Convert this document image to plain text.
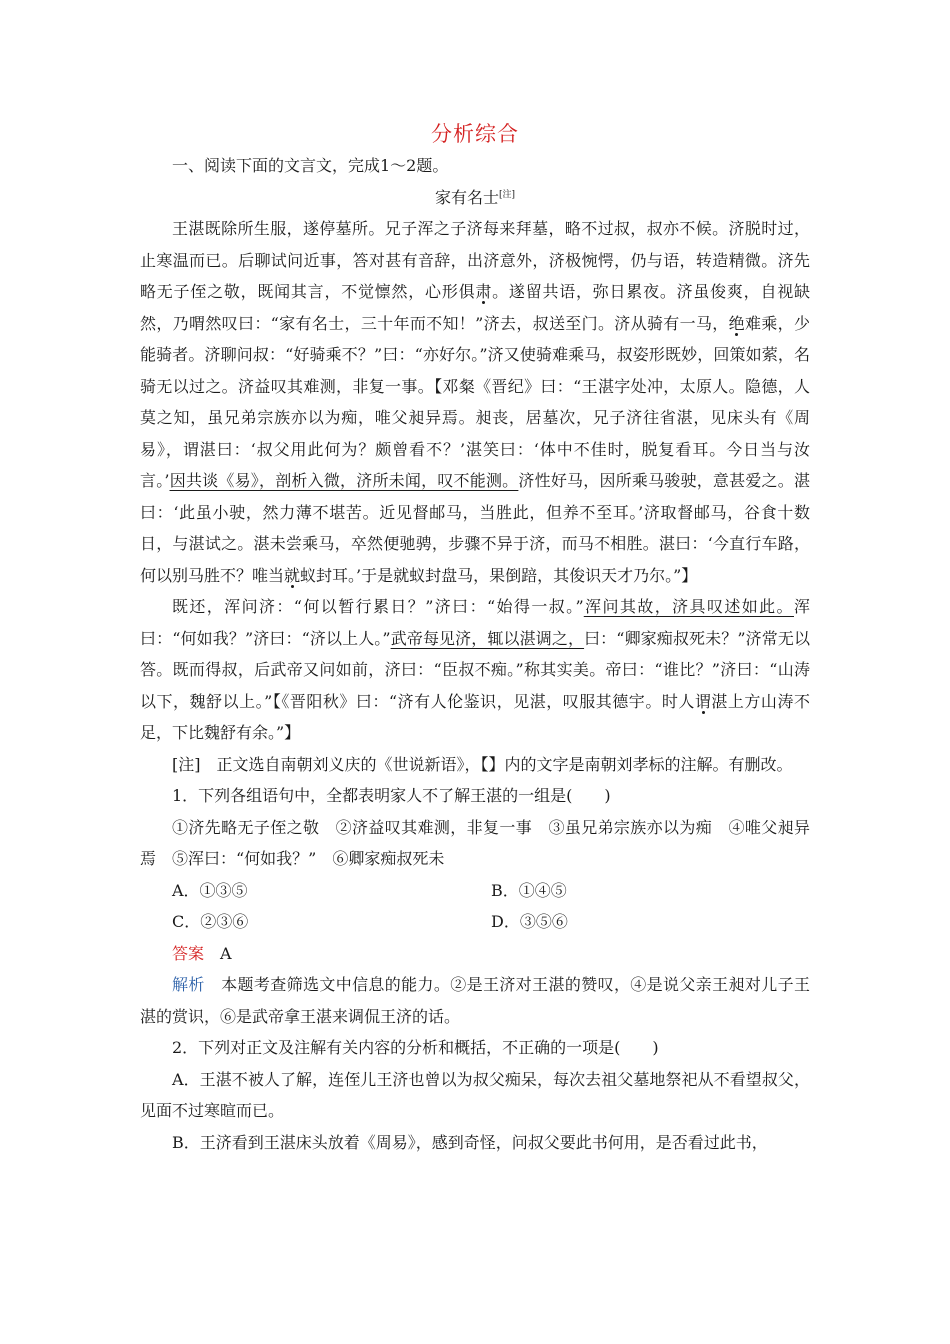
分析综合

一、阅读下面的文言文，完成1～2题。

家有名士[注]

王湛既除所生服，遂停墓所。兄子浑之子济每来拜墓，略不过叔，叔亦不候。济脱时过，止寒温而已。后聊试问近事，答对甚有音辞，出济意外，济极惋愕，仍与语，转造精微。济先略无子侄之敬，既闻其言，不觉懔然，心形俱肃。遂留共语，弥日累夜。济虽俊爽，自视缺然，乃喟然叹曰：“家有名士，三十年而不知！”济去，叔送至门。济从骑有一马，绝难乘，少能骑者。济聊问叔：“好骑乘不？”曰：“亦好尔。”济又使骑难乘马，叔姿形既妙，回策如萦，名骑无以过之。济益叹其难测，非复一事。【邓粲《晋纪》曰：“王湛字处冲，太原人。隐德，人莫之知，虽兄弟宗族亦以为痴，唯父昶异焉。昶丧，居墓次，兄子济往省湛，见床头有《周易》，谓湛曰：‘叔父用此何为？颇曾看不？’湛笑曰：‘体中不佳时，脱复看耳。今日当与汝言。’因共谈《易》，剖析入微，济所未闻，叹不能测。济性好马，因所乘马骏驶，意甚爱之。湛曰：‘此虽小驶，然力薄不堪苦。近见督邮马，当胜此，但养不至耳。’济取督邮马，谷食十数日，与湛试之。湛未尝乘马，卒然便驰骋，步骤不异于济，而马不相胜。湛曰：‘今直行车路，何以别马胜不？唯当就蚁封耳。’于是就蚁封盘马，果倒踣，其俊识天才乃尔。”】

既还，浑问济：“何以暂行累日？”济曰：“始得一叔。”浑问其故，济具叹述如此。浑曰：“何如我？”济曰：“济以上人。”武帝每见济，辄以湛调之，曰：“卿家痴叔死未？”济常无以答。既而得叔，后武帝又问如前，济曰：“臣叔不痴。”称其实美。帝曰：“谁比？”济曰：“山涛以下，魏舒以上。”【《晋阳秋》曰：“济有人伦鉴识，见湛，叹服其德宇。时人谓湛上方山涛不足，下比魏舒有余。”】

[注]　正文选自南朝刘义庆的《世说新语》，【】内的文字是南朝刘孝标的注解。有删改。

1．下列各组语句中，全都表明家人不了解王湛的一组是(　　)

①济先略无子侄之敬　②济益叹其难测，非复一事　③虽兄弟宗族亦以为痴　④唯父昶异焉　⑤浑曰：“何如我？”　⑥卿家痴叔死未

A．①③⑤	B．①④⑤
C．②③⑥	D．③⑤⑥

答案　 A

解析　 本题考查筛选文中信息的能力。②是王济对王湛的赞叹，④是说父亲王昶对儿子王湛的赏识，⑥是武帝拿王湛来调侃王济的话。

2．下列对正文及注解有关内容的分析和概括，不正确的一项是(　　)

A．王湛不被人了解，连侄儿王济也曾以为叔父痴呆，每次去祖父墓地祭祀从不看望叔父，见面不过寒暄而已。

B．王济看到王湛床头放着《周易》，感到奇怪，问叔父要此书何用，是否看过此书，
